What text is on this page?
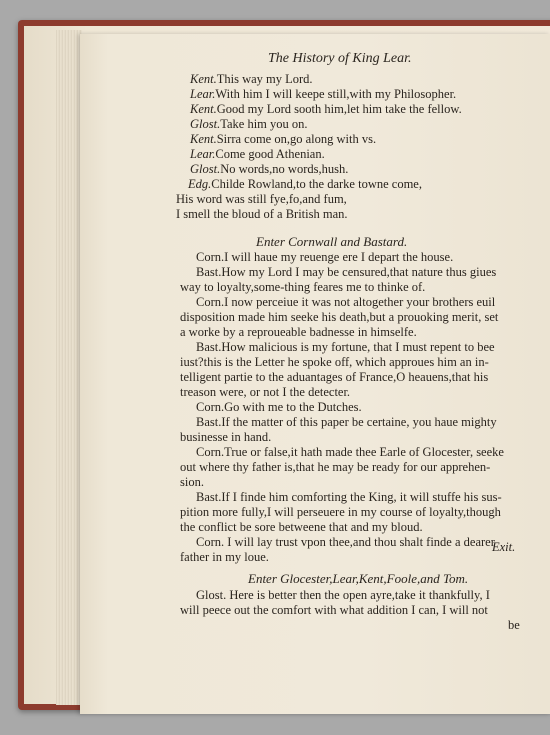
The History of King Lear.
Kent.This way my Lord.
Lear.With him I will keepe still,with my Philosopher.
Kent.Good my Lord sooth him,let him take the fellow.
Glost.Take him you on.
Kent.Sirra come on,go along with vs.
Lear.Come good Athenian.
Glost.No words,no words,hush.
Edg.Childe Rowland,to the darke towne come,
His word was still fye,fo,and fum,
I smell the bloud of a British man.
Enter Cornwall and Bastard.
Corn.I will haue my reuenge ere I depart the house.
Bast.How my Lord I may be censured,that nature thus giues
way to loyalty,some-thing feares me to thinke of.
Corn.I now perceiue it was not altogether your brothers euil
disposition made him seeke his death,but a prouoking merit, set
a worke by a reproueable badnesse in himselfe.
Bast.How malicious is my fortune, that I must repent to bee
iust?this is the Letter he spoke off, which approues him an in-
telligent partie to the aduantages of France,O heauens,that his
treason were, or not I the detecter.
Corn.Go with me to the Dutches.
Bast.If the matter of this paper be certaine, you haue mighty
businesse in hand.
Corn.True or false,it hath made thee Earle of Glocester, seeke
out where thy father is,that he may be ready for our apprehen-
sion.
Bast.If I finde him comforting the King, it will stuffe his sus-
pition more fully,I will perseuere in my course of loyalty,though
the conflict be sore betweene that and my bloud.
Corn. I will lay trust vpon thee,and thou shalt finde a dearer
father in my loue.
Exit.
Enter Glocester,Lear,Kent,Foole,and Tom.
Glost. Here is better then the open ayre,take it thankfully, I
will peece out the comfort with what addition I can, I will not
be
